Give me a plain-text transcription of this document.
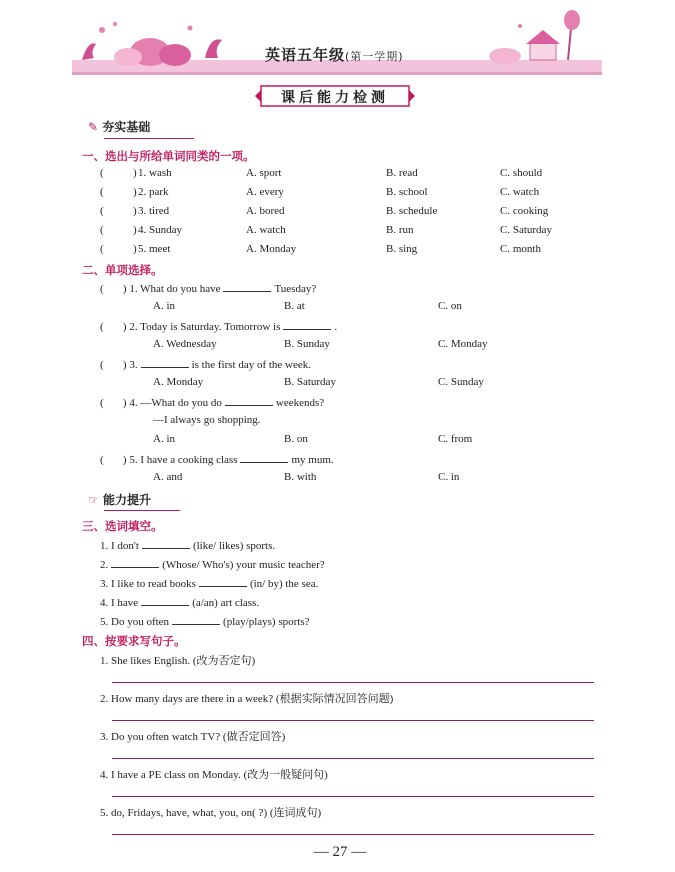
英语五年级(第一学期)
课后能力检测
✎ 夯实基础
一、选出与所给单词同类的一项。
(	) 1. wash	A. sport	B. read	C. should
(	) 2. park	A. every	B. school	C. watch
(	) 3. tired	A. bored	B. schedule	C. cooking
(	) 4. Sunday	A. watch	B. run	C. Saturday
(	) 5. meet	A. Monday	B. sing	C. month
二、单项选择。
(       ) 1. What do you have	Tuesday?
A. in	B. at	C. on
(       ) 2. Today is Saturday. Tomorrow is	.
A. Wednesday	B. Sunday	C. Monday
(       ) 3.	is the first day of the week.
A. Monday	B. Saturday	C. Sunday
(       ) 4. —What do you do	weekends?
—I always go shopping.
A. in	B. on	C. from
(       ) 5. I have a cooking class	my mum.
A. and	B. with	C. in
☞ 能力提升
三、选词填空。
1. I don't	(like/ likes) sports.
2.	(Whose/ Who's) your music teacher?
3. I like to read books	(in/ by) the sea.
4. I have	(a/an) art class.
5. Do you often	(play/plays) sports?
四、按要求写句子。
1. She likes English. (改为否定句)
2. How many days are there in a week? (根据实际情况回答问题)
3. Do you often watch TV? (做否定回答)
4. I have a PE class on Monday. (改为一般疑问句)
5. do, Fridays, have, what, you, on( ?) (连词成句)
— 27 —
